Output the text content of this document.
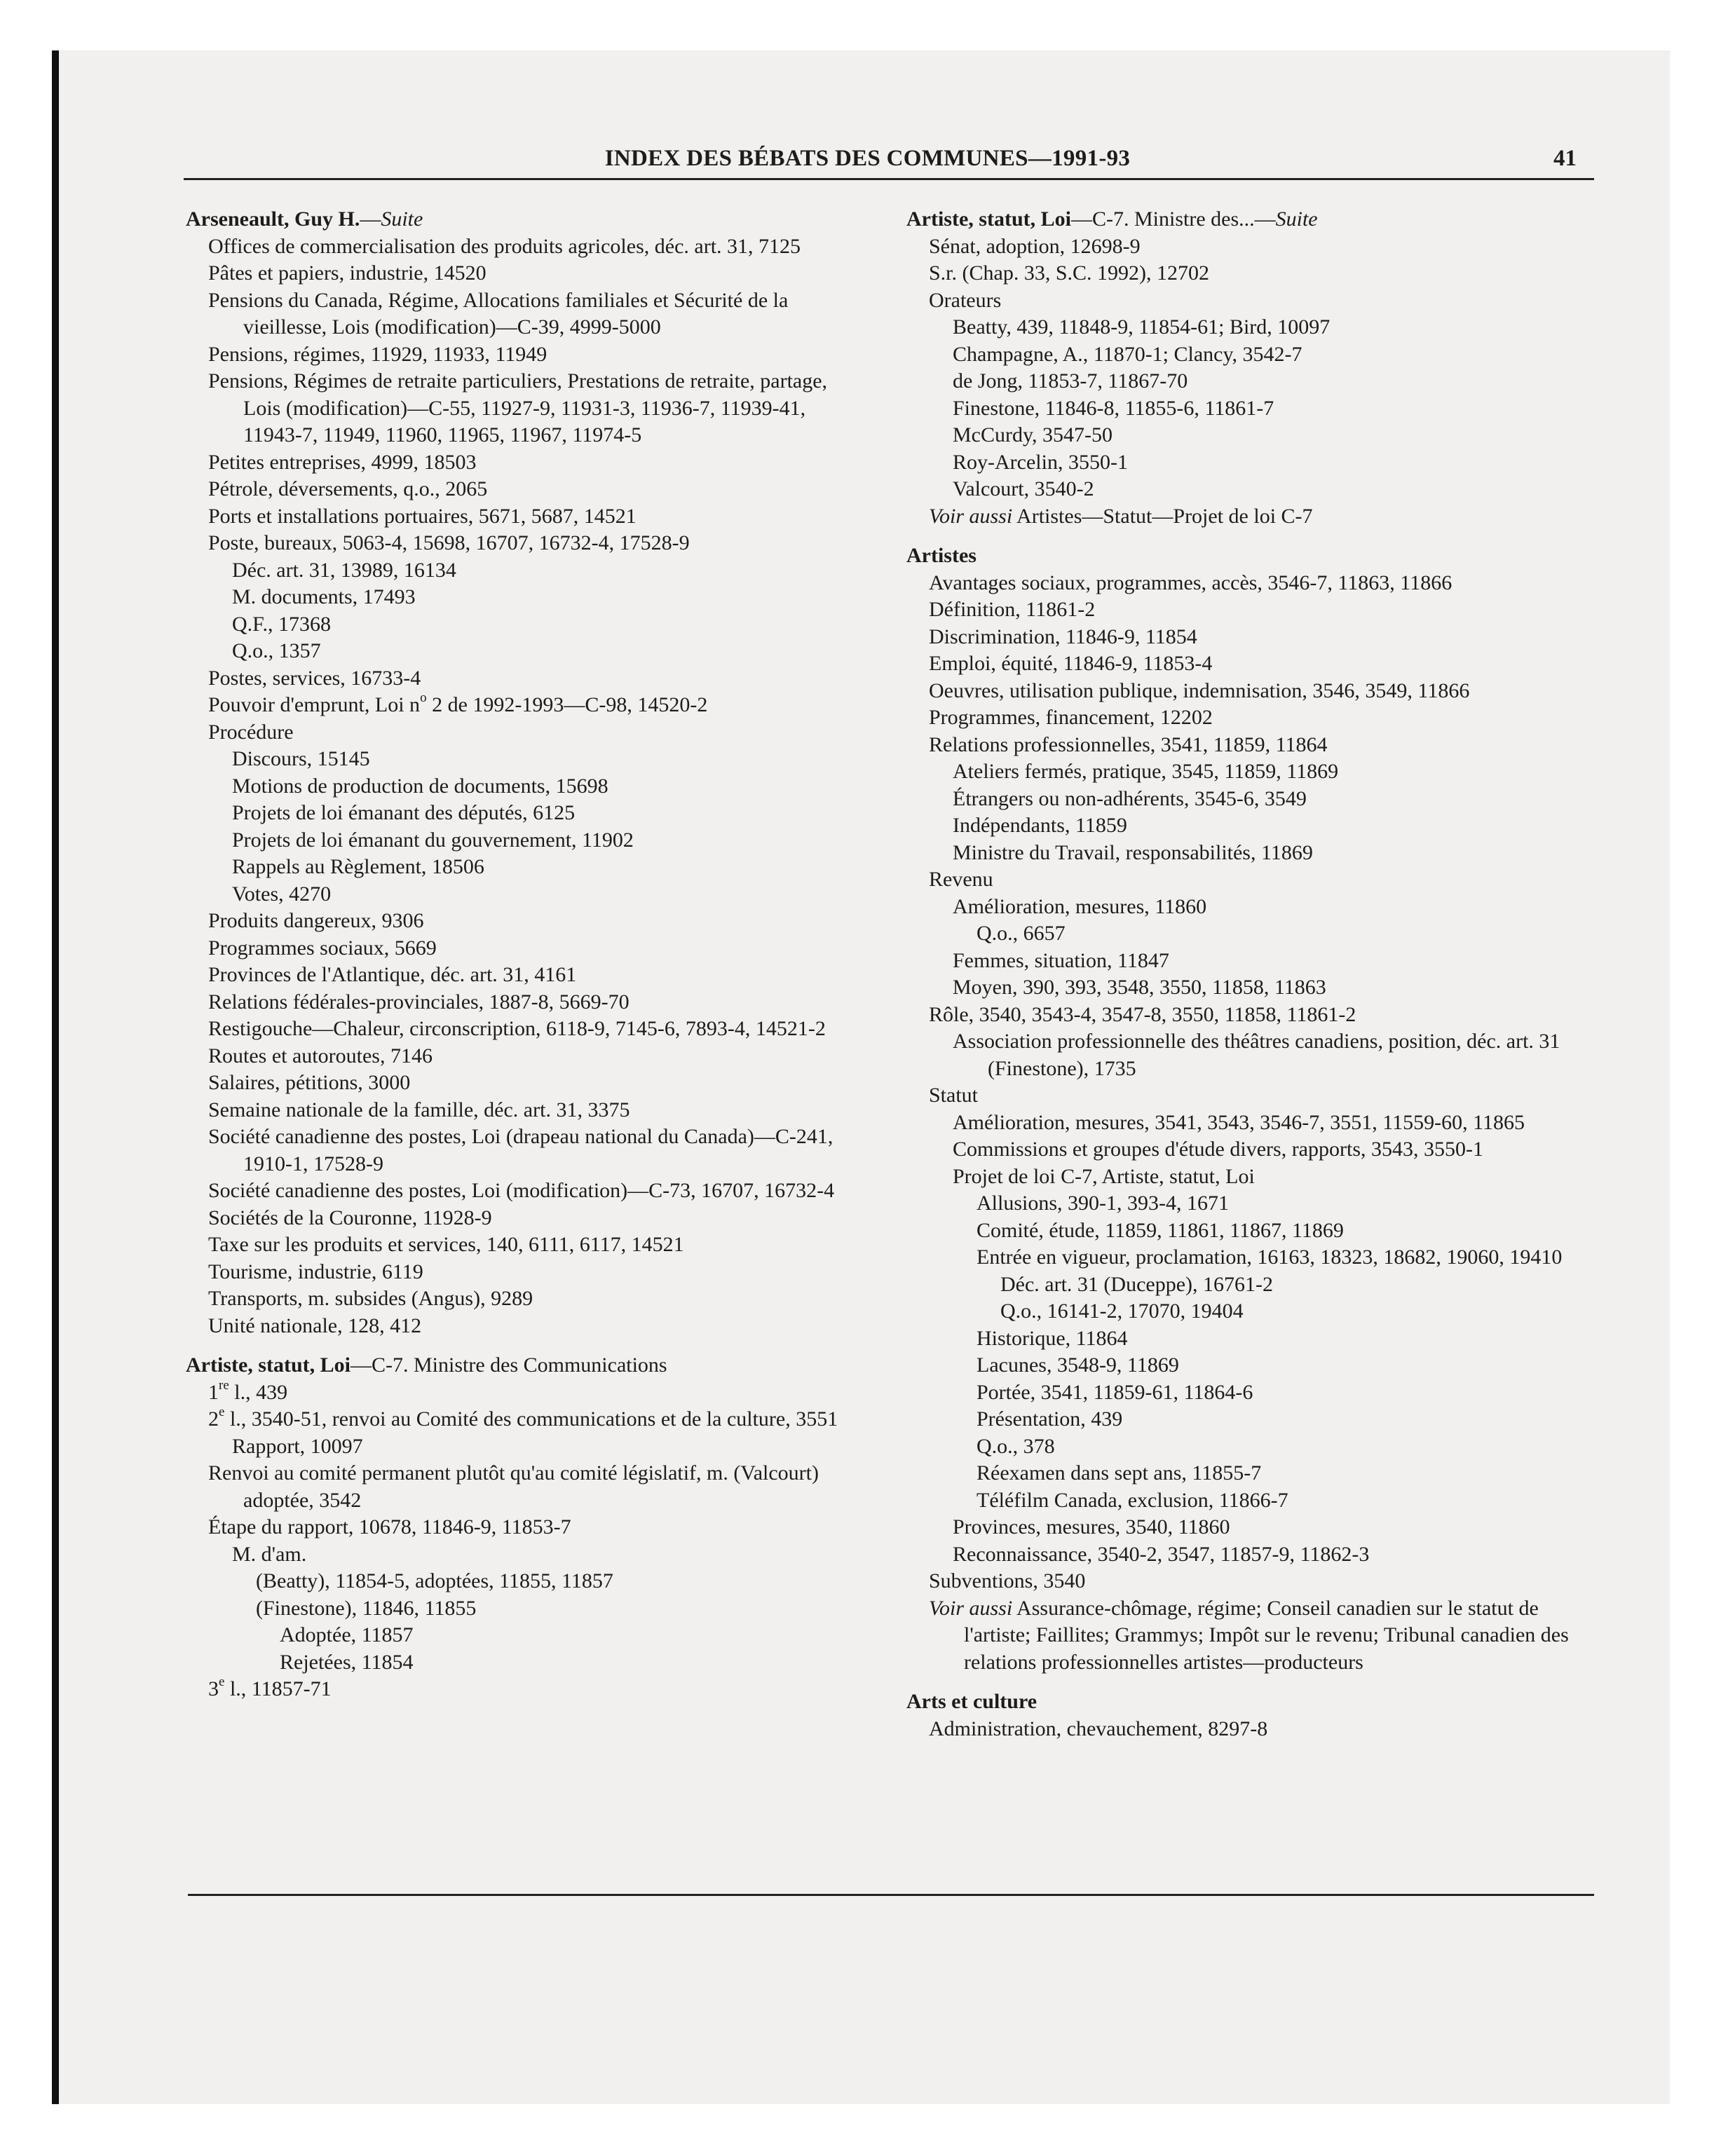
INDEX DES BÉBATS DES COMMUNES—1991-93	41
Arseneault, Guy H.—Suite
Offices de commercialisation des produits agricoles, déc. art. 31, 7125
Pâtes et papiers, industrie, 14520
Pensions du Canada, Régime, Allocations familiales et Sécurité de la vieillesse, Lois (modification)—C-39, 4999-5000
Pensions, régimes, 11929, 11933, 11949
Pensions, Régimes de retraite particuliers, Prestations de retraite, partage, Lois (modification)—C-55, 11927-9, 11931-3, 11936-7, 11939-41, 11943-7, 11949, 11960, 11965, 11967, 11974-5
Petites entreprises, 4999, 18503
Pétrole, déversements, q.o., 2065
Ports et installations portuaires, 5671, 5687, 14521
Poste, bureaux, 5063-4, 15698, 16707, 16732-4, 17528-9
Déc. art. 31, 13989, 16134
M. documents, 17493
Q.F., 17368
Q.o., 1357
Postes, services, 16733-4
Pouvoir d'emprunt, Loi $n^o$ 2 de 1992-1993—C-98, 14520-2
Procédure
Discours, 15145
Motions de production de documents, 15698
Projets de loi émanant des députés, 6125
Projets de loi émanant du gouvernement, 11902
Rappels au Règlement, 18506
Votes, 4270
Produits dangereux, 9306
Programmes sociaux, 5669
Provinces de l'Atlantique, déc. art. 31, 4161
Relations fédérales-provinciales, 1887-8, 5669-70
Restigouche—Chaleur, circonscription, 6118-9, 7145-6, 7893-4, 14521-2
Routes et autoroutes, 7146
Salaires, pétitions, 3000
Semaine nationale de la famille, déc. art. 31, 3375
Société canadienne des postes, Loi (drapeau national du Canada)—C-241, 1910-1, 17528-9
Société canadienne des postes, Loi (modification)—C-73, 16707, 16732-4
Sociétés de la Couronne, 11928-9
Taxe sur les produits et services, 140, 6111, 6117, 14521
Tourisme, industrie, 6119
Transports, m. subsides (Angus), 9289
Unité nationale, 128, 412
Artiste, statut, Loi—C-7. Ministre des Communications
1re l., 439
2e l., 3540-51, renvoi au Comité des communications et de la culture, 3551
Rapport, 10097
Renvoi au comité permanent plutôt qu'au comité législatif, m. (Valcourt) adoptée, 3542
Étape du rapport, 10678, 11846-9, 11853-7
M. d'am.
(Beatty), 11854-5, adoptées, 11855, 11857
(Finestone), 11846, 11855
Adoptée, 11857
Rejetées, 11854
3e l., 11857-71
Artiste, statut, Loi—C-7. Ministre des...—Suite
Sénat, adoption, 12698-9
S.r. (Chap. 33, S.C. 1992), 12702
Orateurs
Beatty, 439, 11848-9, 11854-61; Bird, 10097
Champagne, A., 11870-1; Clancy, 3542-7
de Jong, 11853-7, 11867-70
Finestone, 11846-8, 11855-6, 11861-7
McCurdy, 3547-50
Roy-Arcelin, 3550-1
Valcourt, 3540-2
Voir aussi Artistes—Statut—Projet de loi C-7
Artistes
Avantages sociaux, programmes, accès, 3546-7, 11863, 11866
Définition, 11861-2
Discrimination, 11846-9, 11854
Emploi, équité, 11846-9, 11853-4
Oeuvres, utilisation publique, indemnisation, 3546, 3549, 11866
Programmes, financement, 12202
Relations professionnelles, 3541, 11859, 11864
Ateliers fermés, pratique, 3545, 11859, 11869
Étrangers ou non-adhérents, 3545-6, 3549
Indépendants, 11859
Ministre du Travail, responsabilités, 11869
Revenu
Amélioration, mesures, 11860
Q.o., 6657
Femmes, situation, 11847
Moyen, 390, 393, 3548, 3550, 11858, 11863
Rôle, 3540, 3543-4, 3547-8, 3550, 11858, 11861-2
Association professionnelle des théâtres canadiens, position, déc. art. 31 (Finestone), 1735
Statut
Amélioration, mesures, 3541, 3543, 3546-7, 3551, 11559-60, 11865
Commissions et groupes d'étude divers, rapports, 3543, 3550-1
Projet de loi C-7, Artiste, statut, Loi
Allusions, 390-1, 393-4, 1671
Comité, étude, 11859, 11861, 11867, 11869
Entrée en vigueur, proclamation, 16163, 18323, 18682, 19060, 19410
Déc. art. 31 (Duceppe), 16761-2
Q.o., 16141-2, 17070, 19404
Historique, 11864
Lacunes, 3548-9, 11869
Portée, 3541, 11859-61, 11864-6
Présentation, 439
Q.o., 378
Réexamen dans sept ans, 11855-7
Téléfilm Canada, exclusion, 11866-7
Provinces, mesures, 3540, 11860
Reconnaissance, 3540-2, 3547, 11857-9, 11862-3
Subventions, 3540
Voir aussi Assurance-chômage, régime; Conseil canadien sur le statut de l'artiste; Faillites; Grammys; Impôt sur le revenu; Tribunal canadien des relations professionnelles artistes—producteurs
Arts et culture
Administration, chevauchement, 8297-8
